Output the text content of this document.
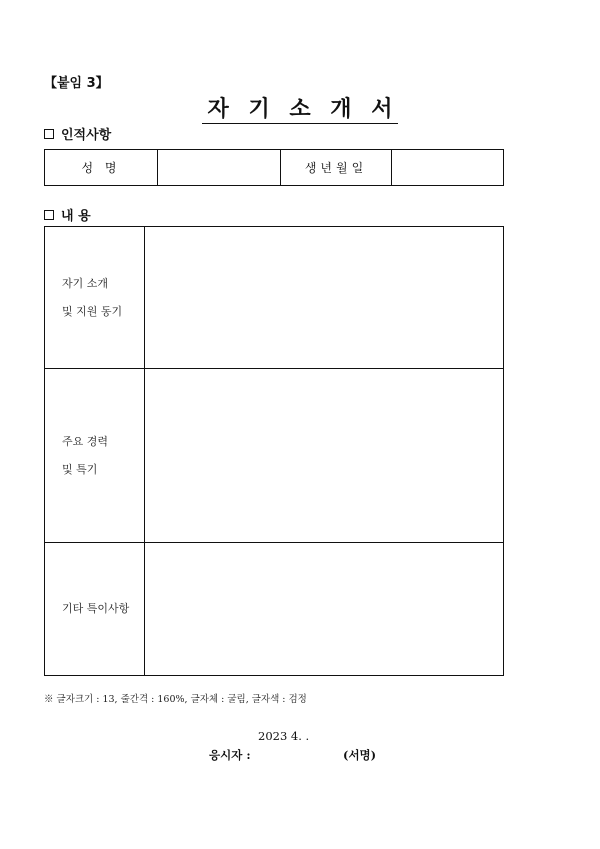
【붙임 3】
자 기 소 개 서
인적사항
성 명		생년월일	
내 용
자기 소개
및 지원 동기	

주요 경력
및 특기	

기타 특이사항	

※ 글자크기 : 13, 줄간격 : 160%, 글자체 : 굴림, 글자색 : 검정
2023 4. .
응시자 :	(서명)
